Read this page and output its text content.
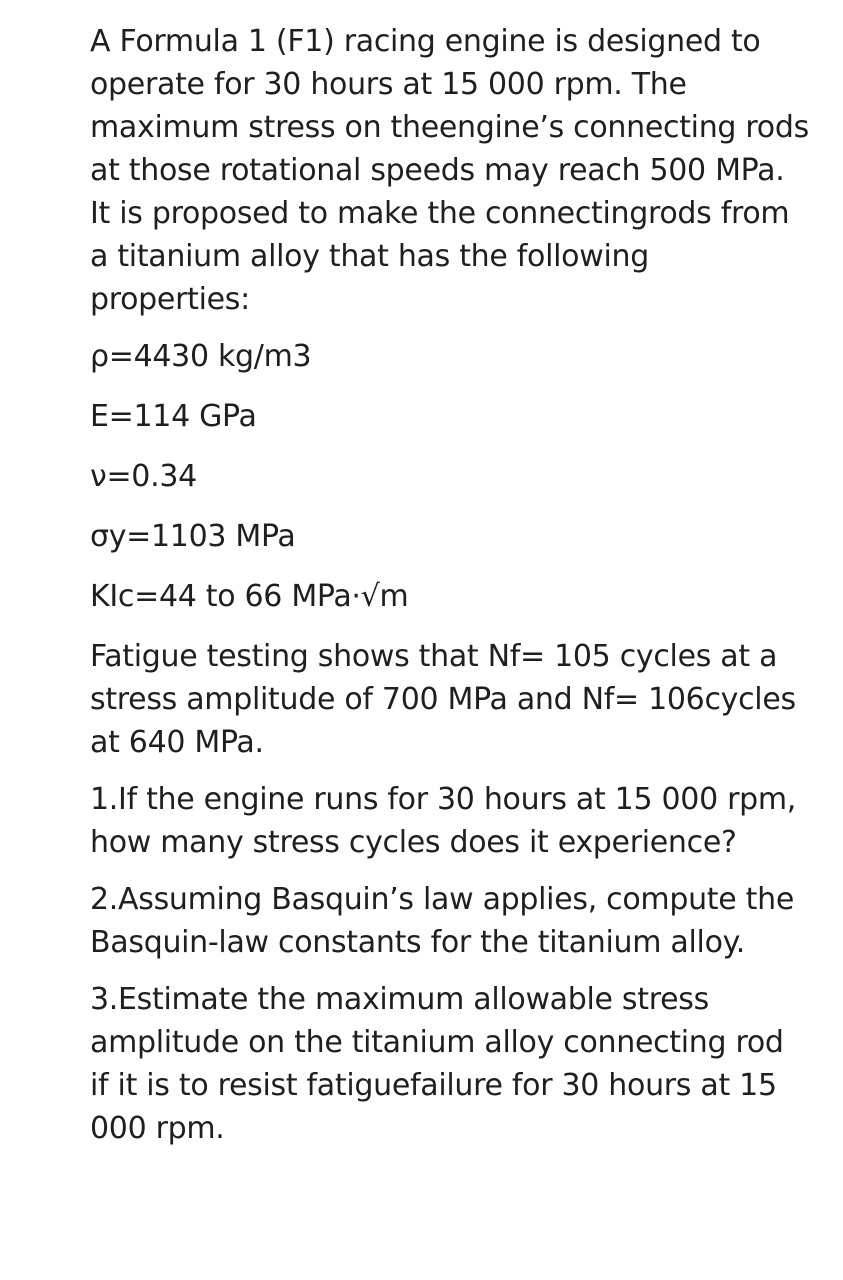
A Formula 1 (F1) racing engine is designed to operate for 30 hours at 15 000 rpm. The maximum stress on theengine’s connecting rods at those rotational speeds may reach 500 MPa. It is proposed to make the connectingrods from a titanium alloy that has the following properties:

ρ=4430 kg/m3

E=114 GPa

ν=0.34

σy=1103 MPa

KIc=44 to 66 MPa·√m

Fatigue testing shows that Nf= 105 cycles at a stress amplitude of 700 MPa and Nf= 106cycles at 640 MPa.

1.If the engine runs for 30 hours at 15 000 rpm, how many stress cycles does it experience?

2.Assuming Basquin’s law applies, compute the Basquin-law constants for the titanium alloy.

3.Estimate the maximum allowable stress amplitude on the titanium alloy connecting rod if it is to resist fatiguefailure for 30 hours at 15 000 rpm.
